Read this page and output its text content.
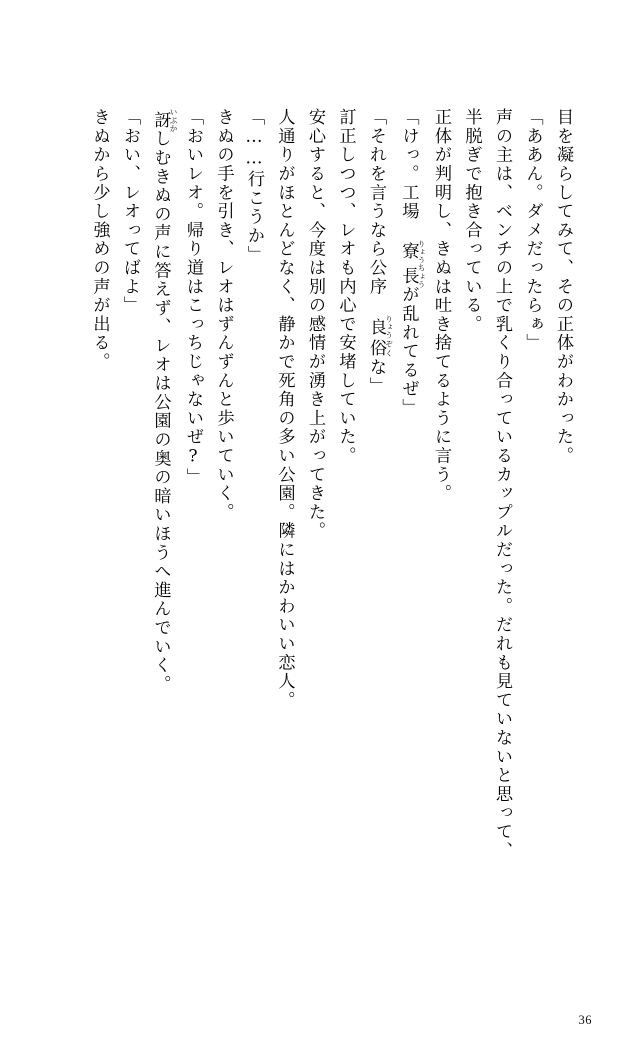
目を凝らしてみて、その正体がわかった。
「ああん。ダメだったらぁ」
声の主は、ベンチの上で乳くり合っているカップルだった。だれも見ていないと思って、
半脱ぎで抱き合っている。
正体が判明し、きぬは吐き捨てるように言う。
「けっ。工場 寮りょう長ちょうが乱れてるぜ」
「それを言うなら公序 良りょう俗ぞくな」
訂正しつつ、レオも内心で安堵していた。
安心すると、今度は別の感情が湧き上がってきた。
人通りがほとんどなく、静かで死角の多い公園。隣にはかわいい恋人。
「……行こうか」
きぬの手を引き、レオはずんずんと歩いていく。
「おいレオ。帰り道はこっちじゃないぜ?」
訝いぶかしむきぬの声に答えず、レオは公園の奥の暗いほうへ進んでいく。
「おい、レオってばよ」
きぬから少し強めの声が出る。
36
